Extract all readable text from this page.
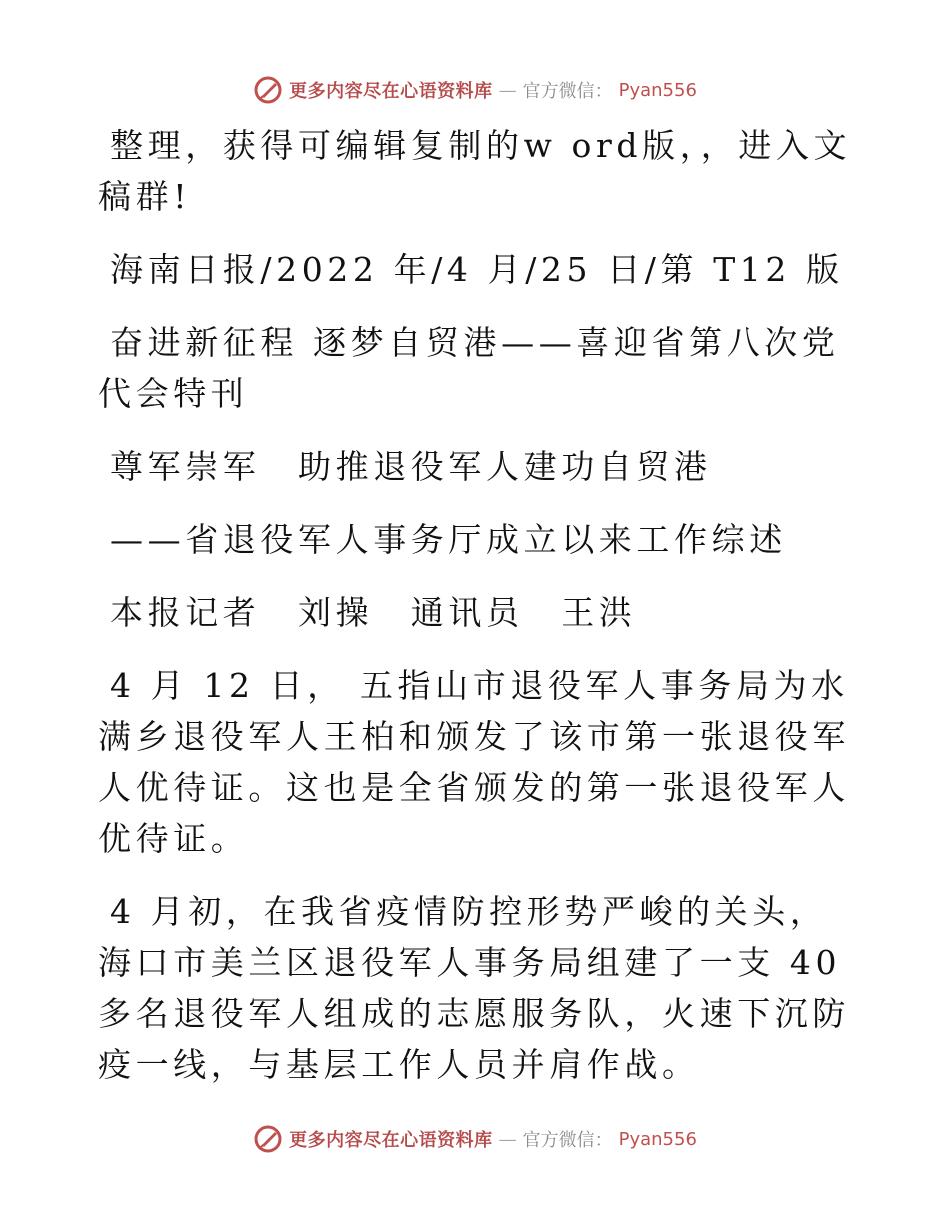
更多内容尽在心语资料库 — 官方微信： Pyan556

整理，获得可编辑复制的w ord版，，进入文稿群!

海南日报/2022 年/4 月/25 日/第 T12 版

奋进新征程 逐梦自贸港——喜迎省第八次党代会特刊

尊军崇军　助推退役军人建功自贸港

——省退役军人事务厅成立以来工作综述

本报记者　刘操　通讯员　王洪

4 月 12 日， 五指山市退役军人事务局为水满乡退役军人王柏和颁发了该市第一张退役军人优待证。这也是全省颁发的第一张退役军人优待证。

4 月初，在我省疫情防控形势严峻的关头，海口市美兰区退役军人事务局组建了一支 40 多名退役军人组成的志愿服务队，火速下沉防疫一线，与基层工作人员并肩作战。

更多内容尽在心语资料库 — 官方微信： Pyan556
